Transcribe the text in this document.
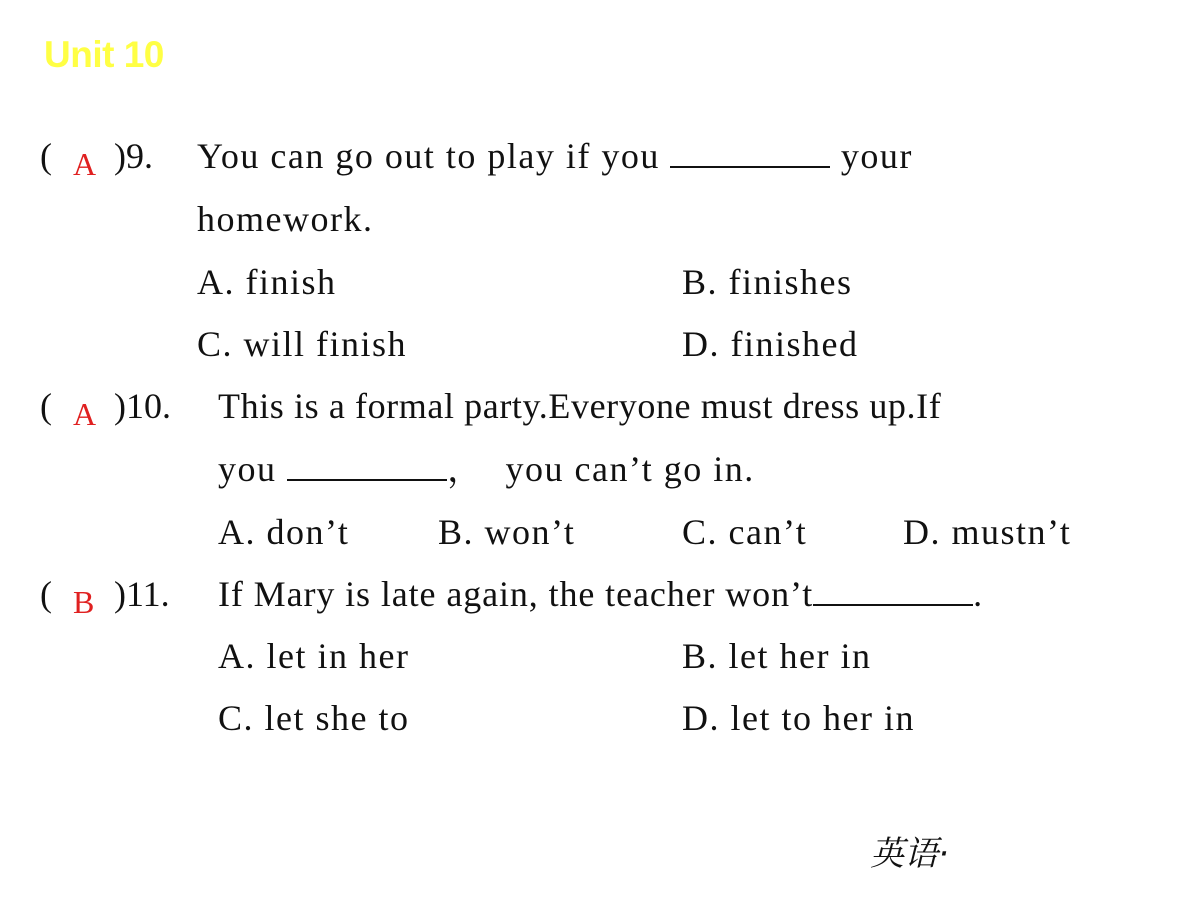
Unit 10
( A )9. You can go out to play if you	your
homework.
A. finish	B. finishes
C. will finish	D. finished
( A )10. This is a formal party.Everyone must dress up.If
you	，  you can’t go in.
A. don’t B. won’t	C. can’t	D. mustn’t
( B )11. If Mary is late again, the teacher won’t	.
A. let in her	B. let her in
C. let she to	D. let to her in
英语·
